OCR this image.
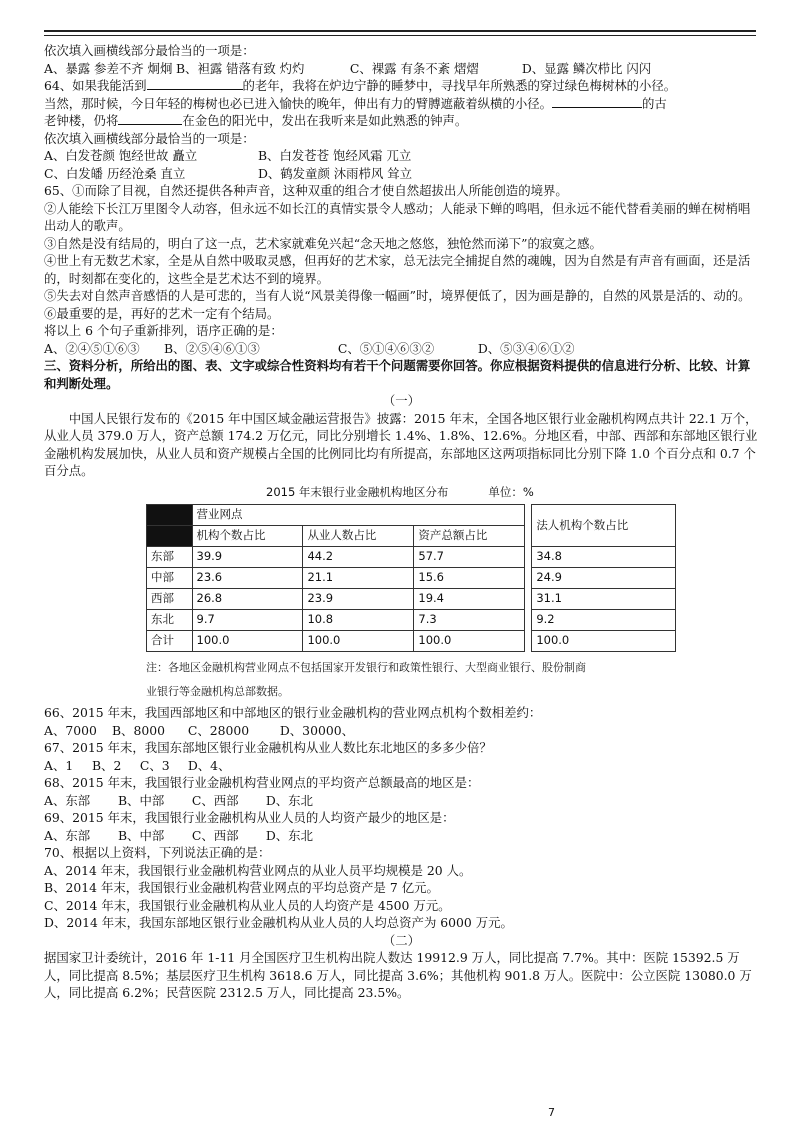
依次填入画横线部分最恰当的一项是：
A、暴露 参差不齐 炯炯 B、袒露 错落有致 灼灼	C、裸露 有条不紊 熠熠	D、显露 鳞次栉比 闪闪
64、如果我能活到	的老年，我将在炉边宁静的睡梦中，寻找早年所熟悉的穿过绿色梅树林的小径。
当然，那时候，今日年轻的梅树也必已进入愉快的晚年，伸出有力的臂膊遮蔽着纵横的小径。	的古
老钟楼，仍将	在金色的阳光中，发出在我听来是如此熟悉的钟声。
依次填入画横线部分最恰当的一项是：
A、白发苍颜 饱经世故 矗立	B、白发苍苍 饱经风霜 兀立
C、白发皤 历经沧桑 直立	D、鹤发童颜 沐雨栉风 耸立
65、①而除了目视，自然还提供各种声音，这种双重的组合才使自然超拔出人所能创造的境界。
②人能绘下长江万里图令人动容，但永远不如长江的真情实景令人感动；人能录下蝉的鸣唱，但永远不能代替看美丽的蝉在树梢唱出动人的歌声。
③自然是没有结局的，明白了这一点，艺术家就难免兴起“念天地之悠悠，独怆然而涕下”的寂寞之感。
④世上有无数艺术家，全是从自然中吸取灵感，但再好的艺术家，总无法完全捕捉自然的魂魄，因为自然是有声音有画面，还是活的，时刻都在变化的，这些全是艺术达不到的境界。
⑤失去对自然声音感悟的人是可悲的，当有人说“风景美得像一幅画”时，境界便低了，因为画是静的，自然的风景是活的、动的。
⑥最重要的是，再好的艺术一定有个结局。
将以上 6 个句子重新排列，语序正确的是：
A、②④⑤①⑥③ B、②⑤④⑥①③	C、⑤①④⑥③②	D、⑤③④⑥①②
三、资料分析，所给出的图、表、文字或综合性资料均有若干个问题需要你回答。你应根据资料提供的信息进行分析、比较、计算和判断处理。
（一）
中国人民银行发布的《2015 年中国区域金融运营报告》披露：2015 年末，全国各地区银行业金融机构网点共计 22.1 万个，从业人员 379.0 万人，资产总额 174.2 万亿元，同比分别增长 1.4%、1.8%、12.6%。分地区看，中部、西部和东部地区银行业金融机构发展加快，从业人员和资产规模占全国的比例同比均有所提高，东部地区这两项指标同比分别下降 1.0 个百分点和 0.7 个百分点。
2015 年末银行业金融机构地区分布	单位：%
	营业网点				法人机构个数占比
	机构个数占比	从业人数占比	资产总额占比		
东部	39.9	44.2	57.7		34.8
中部	23.6	21.1	15.6		24.9
西部	26.8	23.9	19.4		31.1
东北	9.7	10.8	7.3		9.2
合计	100.0	100.0	100.0		100.0
注：各地区金融机构营业网点不包括国家开发银行和政策性银行、大型商业银行、股份制商
业银行等金融机构总部数据。
66、2015 年末，我国西部地区和中部地区的银行业金融机构的营业网点机构个数相差约：
A、7000 B、8000 C、28000 D、30000、
67、2015 年末，我国东部地区银行业金融机构从业人数比东北地区的多多少倍？
A、1 B、2 C、3 D、4、
68、2015 年末，我国银行业金融机构营业网点的平均资产总额最高的地区是：
A、东部 B、中部 C、西部 D、东北
69、2015 年末，我国银行业金融机构从业人员的人均资产最少的地区是：
A、东部 B、中部 C、西部 D、东北
70、根据以上资料，下列说法正确的是：
A、2014 年末，我国银行业金融机构营业网点的从业人员平均规模是 20 人。
B、2014 年末，我国银行业金融机构营业网点的平均总资产是 7 亿元。
C、2014 年末，我国银行业金融机构从业人员的人均资产是 4500 万元。
D、2014 年末，我国东部地区银行业金融机构从业人员的人均总资产为 6000 万元。
（二）
据国家卫计委统计，2016 年 1-11 月全国医疗卫生机构出院人数达 19912.9 万人，同比提高 7.7%。其中：医院 15392.5 万人，同比提高 8.5%；基层医疗卫生机构 3618.6 万人，同比提高 3.6%；其他机构 901.8 万人。医院中：公立医院 13080.0 万人，同比提高 6.2%；民营医院 2312.5 万人，同比提高 23.5%。
7
